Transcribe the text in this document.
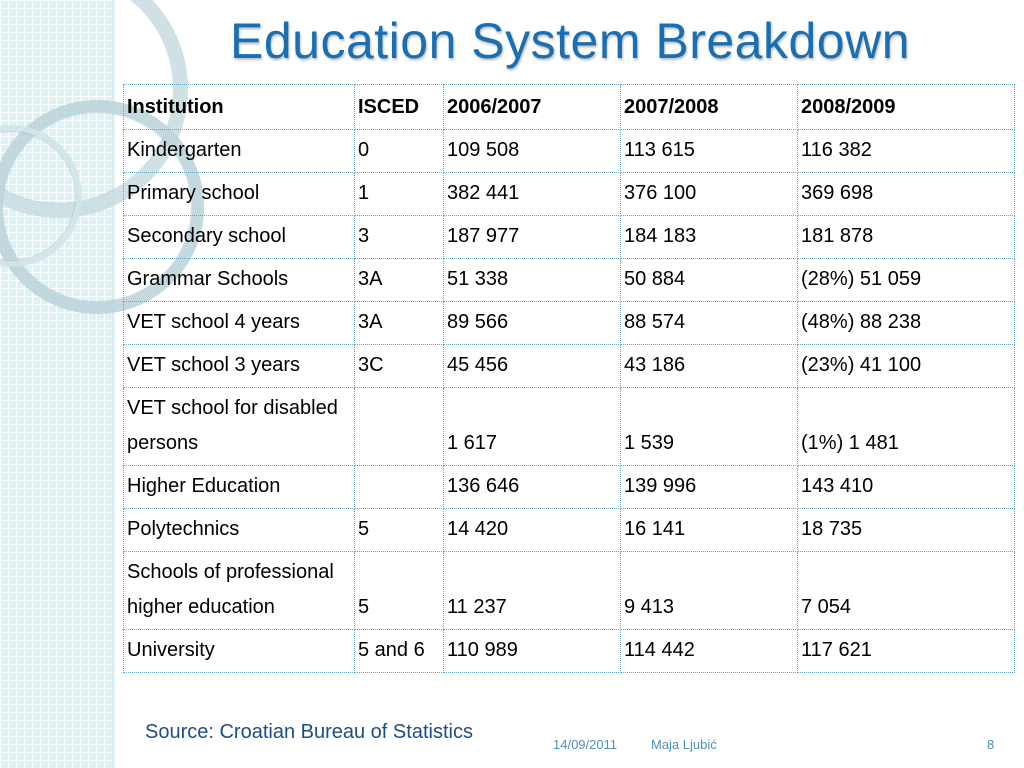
Education System Breakdown
Institution	ISCED	2006/2007	2007/2008	2008/2009
Kindergarten	0	109 508	113 615	116 382
Primary school	1	382 441	376 100	369 698
Secondary school	3	187 977	184 183	181 878
Grammar Schools	3A	51 338	50 884	(28%) 51 059
VET school 4 years	3A	89 566	88 574	(48%) 88 238
VET school 3 years	3C	45 456	43 186	(23%) 41 100
VET school for disabled persons		1 617	1 539	(1%) 1 481
Higher Education		136 646	139 996	143 410
Polytechnics	5	14 420	16 141	18 735
Schools of professional higher education	5	11 237	9 413	7 054
University	5 and 6	110 989	114 442	117 621
Source: Croatian Bureau of Statistics
14/09/2011	Maja Ljubić	8
